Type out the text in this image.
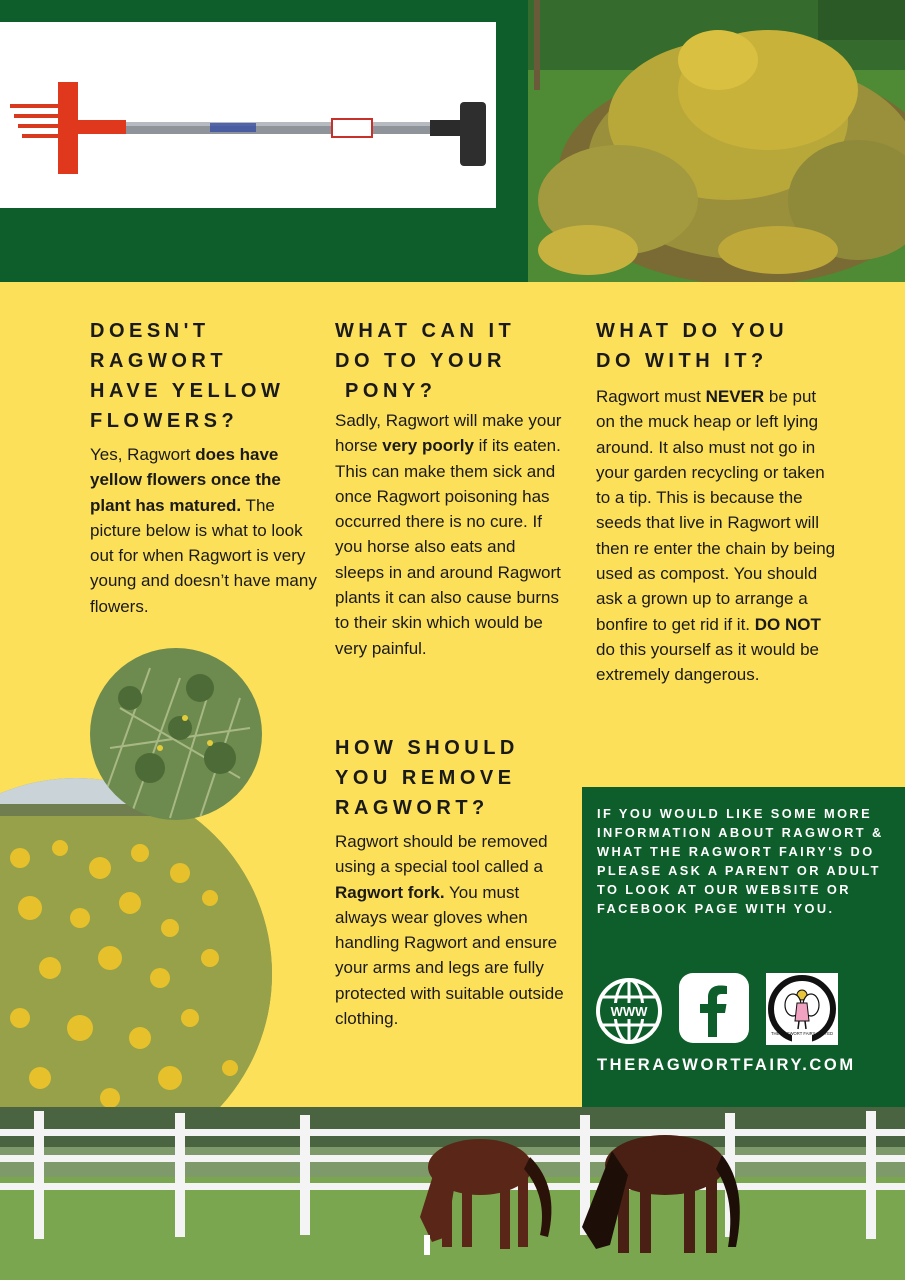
DOESN'T
RAGWORT
HAVE YELLOW
FLOWERS?

Yes, Ragwort does have yellow flowers once the plant has matured. The picture below is what to look out for when Ragwort is very young and doesn’t have many flowers.

WHAT CAN IT
DO TO YOUR
PONY?

Sadly, Ragwort will make your horse very poorly if its eaten. This can make them sick and once Ragwort poisoning has occurred there is no cure. If you horse also eats and sleeps in and around Ragwort plants it can also cause burns to their skin which would be very painful.

HOW SHOULD
YOU REMOVE
RAGWORT?

Ragwort should be removed using a special tool called a Ragwort fork. You must always wear gloves when handling Ragwort and ensure your arms and legs are fully protected with suitable outside clothing.

WHAT DO YOU
DO WITH IT?

Ragwort must NEVER be put on the muck heap or left lying around. It also must not go in your garden recycling or taken to a tip. This is because the seeds that live in Ragwort will then re enter the chain by being used as compost. You should ask a grown up to arrange a bonfire to get rid if it. DO NOT do this yourself as it would be extremely dangerous.

IF YOU WOULD LIKE SOME MORE INFORMATION ABOUT RAGWORT & WHAT THE RAGWORT FAIRY'S DO PLEASE ASK A PARENT OR ADULT TO LOOK AT OUR WEBSITE OR FACEBOOK PAGE WITH YOU.

WWW
THE RAGWORT FAIRY LIMITED

THERAGWORTFAIRY.COM
